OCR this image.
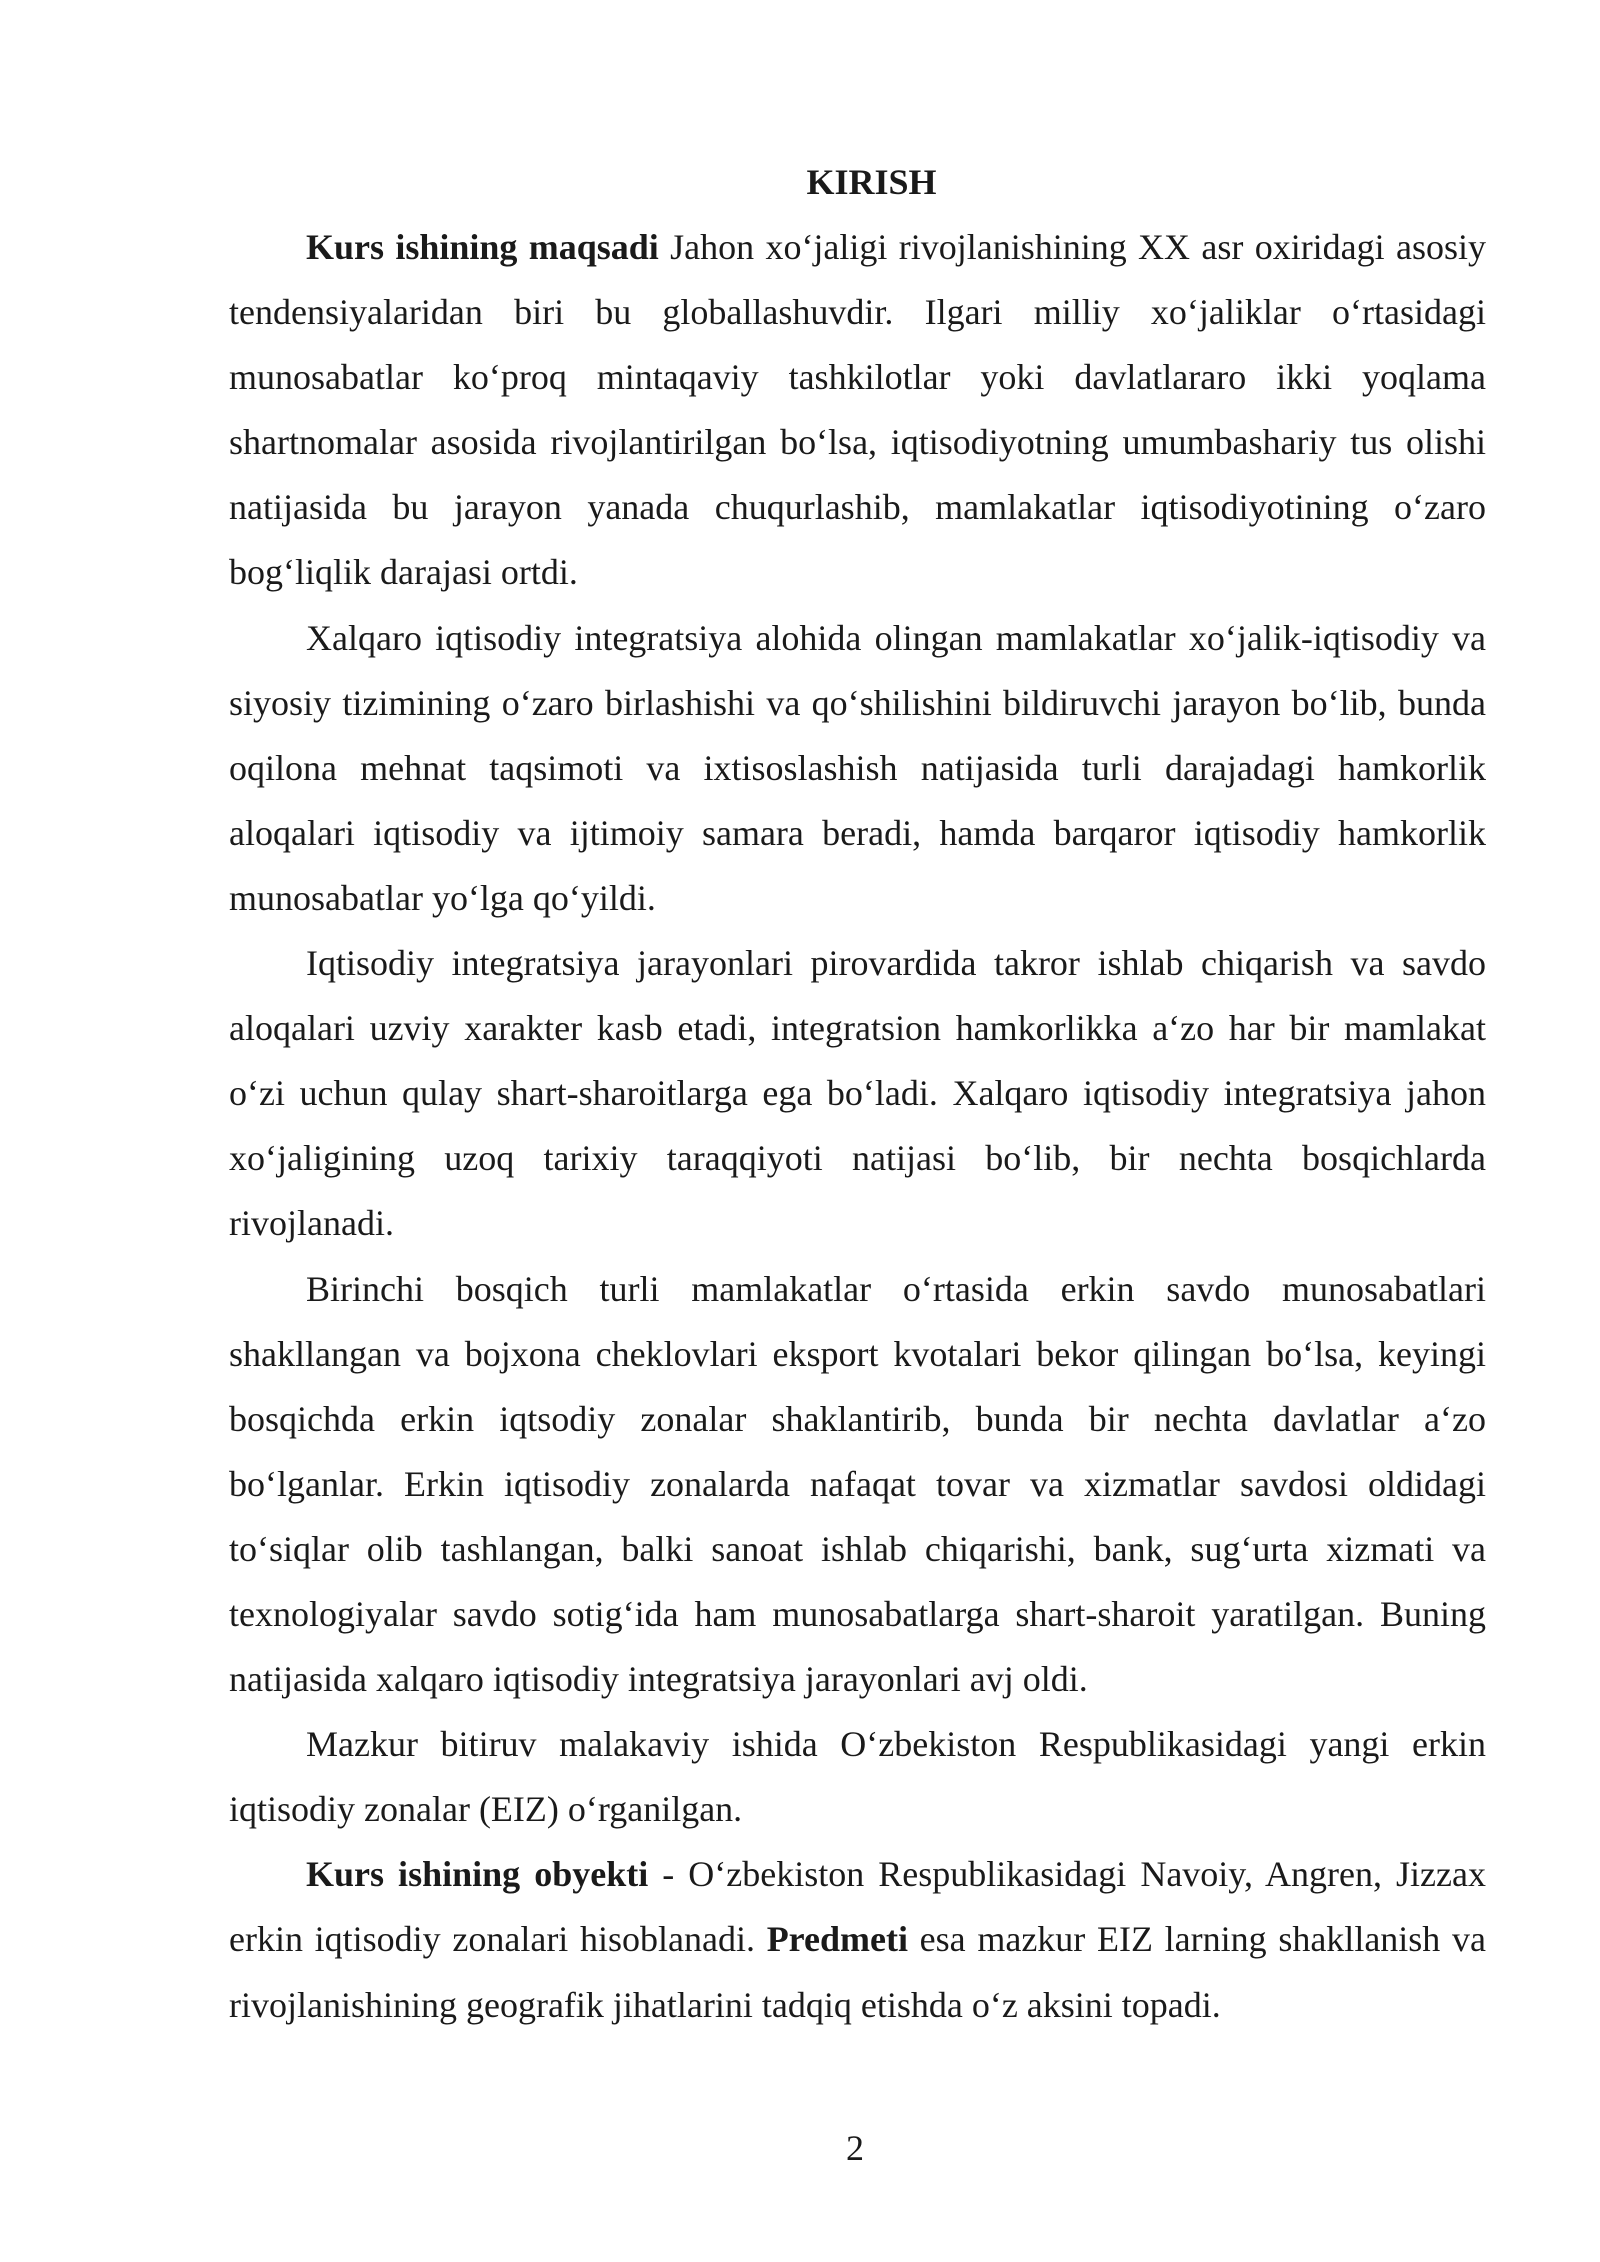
KIRISH

Kurs ishining maqsadi Jahon xoʻjaligi rivojlanishining XX asr oxiridagi asosiy tendensiyalaridan biri bu globallashuvdir. Ilgari milliy xoʻjaliklar oʻrtasidagi munosabatlar koʻproq mintaqaviy tashkilotlar yoki davlatlararo ikki yoqlama shartnomalar asosida rivojlantirilgan boʻlsa, iqtisodiyotning umumbashariy tus olishi natijasida bu jarayon yanada chuqurlashib, mamlakatlar iqtisodiyotining oʻzaro bogʻliqlik darajasi ortdi.

Xalqaro iqtisodiy integratsiya alohida olingan mamlakatlar xoʻjalik-iqtisodiy va siyosiy tizimining oʻzaro birlashishi va qoʻshilishini bildiruvchi jarayon boʻlib, bunda oqilona mehnat taqsimoti va ixtisoslashish natijasida turli darajadagi hamkorlik aloqalari iqtisodiy va ijtimoiy samara beradi, hamda barqaror iqtisodiy hamkorlik munosabatlar yoʻlga qoʻyildi.

Iqtisodiy integratsiya jarayonlari pirovardida takror ishlab chiqarish va savdo aloqalari uzviy xarakter kasb etadi, integratsion hamkorlikka aʻzo har bir mamlakat oʻzi uchun qulay shart-sharoitlarga ega boʻladi. Xalqaro iqtisodiy integratsiya jahon xoʻjaligining uzoq tarixiy taraqqiyoti natijasi boʻlib, bir nechta bosqichlarda rivojlanadi.

Birinchi bosqich turli mamlakatlar oʻrtasida erkin savdo munosabatlari shakllangan va bojxona cheklovlari eksport kvotalari bekor qilingan boʻlsa, keyingi bosqichda erkin iqtsodiy zonalar shaklantirib, bunda bir nechta davlatlar aʻzo boʻlganlar. Erkin iqtisodiy zonalarda nafaqat tovar va xizmatlar savdosi oldidagi toʻsiqlar olib tashlangan, balki sanoat ishlab chiqarishi, bank, sugʻurta xizmati va texnologiyalar savdo sotigʻida ham munosabatlarga shart-sharoit yaratilgan. Buning natijasida xalqaro iqtisodiy integratsiya jarayonlari avj oldi.

Mazkur bitiruv malakaviy ishida Oʻzbekiston Respublikasidagi yangi erkin iqtisodiy zonalar (EIZ) oʻrganilgan.

Kurs ishining obyekti - Oʻzbekiston Respublikasidagi Navoiy, Angren, Jizzax erkin iqtisodiy zonalari hisoblanadi. Predmeti esa mazkur EIZ larning shakllanish va rivojlanishining geografik jihatlarini tadqiq etishda oʻz aksini topadi.

2
